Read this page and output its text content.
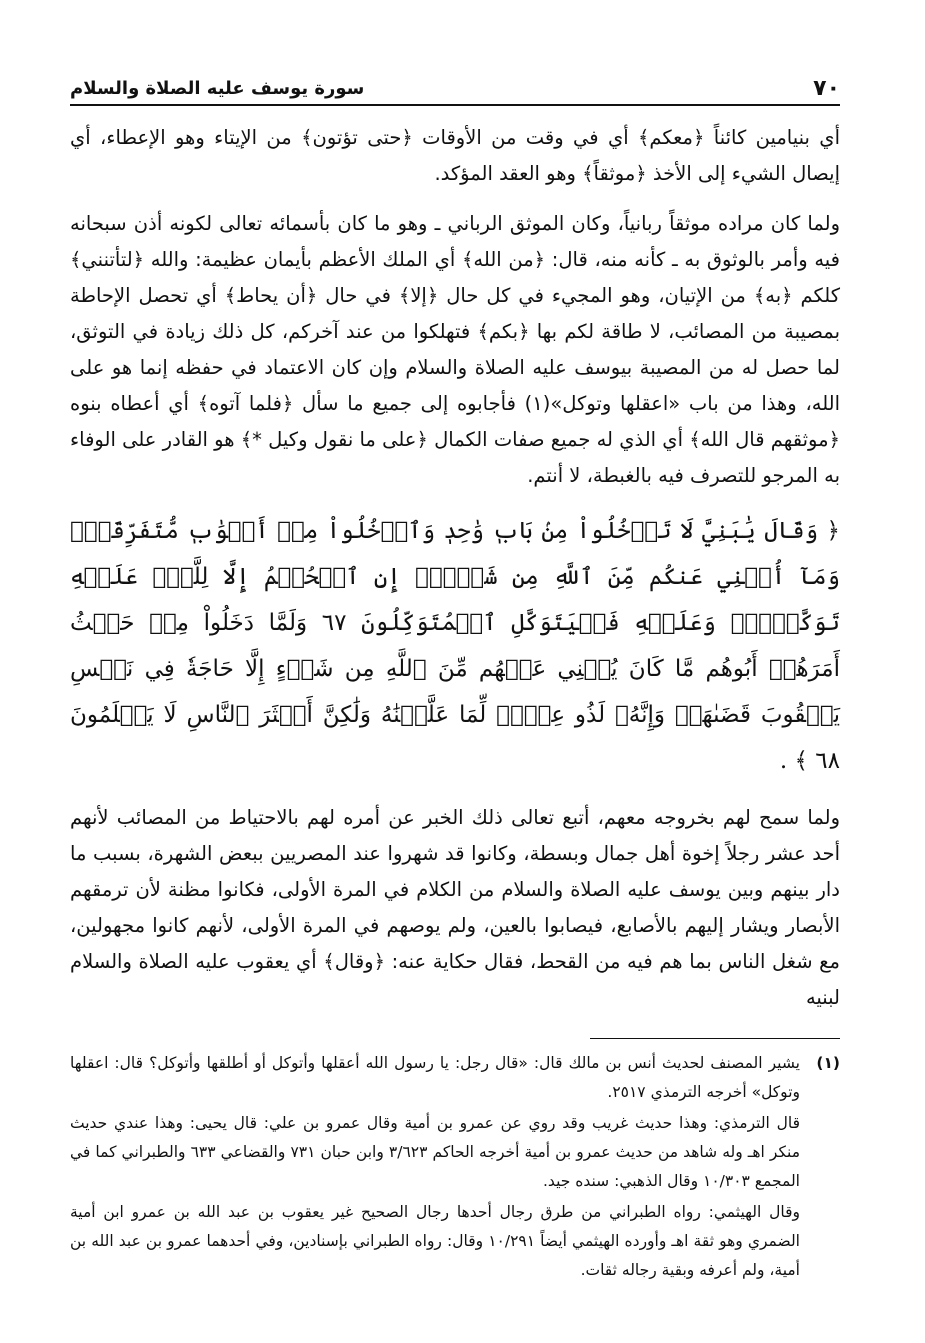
٧٠
سورة يوسف عليه الصلاة والسلام

أي بنيامين كائناً ﴿معكم﴾ أي في وقت من الأوقات ﴿حتى تؤتون﴾ من الإيتاء وهو الإعطاء، أي إيصال الشيء إلى الأخذ ﴿موثقاً﴾ وهو العقد المؤكد.

ولما كان مراده موثقاً ربانياً، وكان الموثق الرباني ـ وهو ما كان بأسمائه تعالى لكونه أذن سبحانه فيه وأمر بالوثوق به ـ كأنه منه، قال: ﴿من الله﴾ أي الملك الأعظم بأيمان عظيمة: والله ﴿لتأتنني﴾ كلكم ﴿به﴾ من الإتيان، وهو المجيء في كل حال ﴿إلا﴾ في حال ﴿أن يحاط﴾ أي تحصل الإحاطة بمصيبة من المصائب، لا طاقة لكم بها ﴿بكم﴾ فتهلكوا من عند آخركم، كل ذلك زيادة في التوثق، لما حصل له من المصيبة بيوسف عليه الصلاة والسلام وإن كان الاعتماد في حفظه إنما هو على الله، وهذا من باب «اعقلها وتوكل»(١) فأجابوه إلى جميع ما سأل ﴿فلما آتوه﴾ أي أعطاه بنوه ﴿موثقهم قال الله﴾ أي الذي له جميع صفات الكمال ﴿على ما نقول وكيل *﴾ هو القادر على الوفاء به المرجو للتصرف فيه بالغبطة، لا أنتم.

﴿ وَقَالَ يَٰبَنِيَّ لَا تَدۡخُلُواْ مِنۢ بَابٖ وَٰحِدٖ وَٱدۡخُلُواْ مِنۡ أَبۡوَٰبٖ مُّتَفَرِّقَةٖۖ وَمَآ أُغۡنِي عَنكُم مِّنَ ٱللَّهِ مِن شَيۡءٍۖ إِنِ ٱلۡحُكۡمُ إِلَّا لِلَّهِۖ عَلَيۡهِ تَوَكَّلۡتُۖ وَعَلَيۡهِ فَلۡيَتَوَكَّلِ ٱلۡمُتَوَكِّلُونَ ٦٧ وَلَمَّا دَخَلُواْ مِنۡ حَيۡثُ أَمَرَهُمۡ أَبُوهُم مَّا كَانَ يُغۡنِي عَنۡهُم مِّنَ ٱللَّهِ مِن شَيۡءٍ إِلَّا حَاجَةٗ فِي نَفۡسِ يَعۡقُوبَ قَضَىٰهَاۚ وَإِنَّهُۥ لَذُو عِلۡمٖ لِّمَا عَلَّمۡنَٰهُ وَلَٰكِنَّ أَكۡثَرَ ٱلنَّاسِ لَا يَعۡلَمُونَ ٦٨ ﴾ .

ولما سمح لهم بخروجه معهم، أتبع تعالى ذلك الخبر عن أمره لهم بالاحتياط من المصائب لأنهم أحد عشر رجلاً إخوة أهل جمال وبسطة، وكانوا قد شهروا عند المصريين ببعض الشهرة، بسبب ما دار بينهم وبين يوسف عليه الصلاة والسلام من الكلام في المرة الأولى، فكانوا مظنة لأن ترمقهم الأبصار ويشار إليهم بالأصابع، فيصابوا بالعين، ولم يوصهم في المرة الأولى، لأنهم كانوا مجهولين، مع شغل الناس بما هم فيه من القحط، فقال حكاية عنه: ﴿وقال﴾ أي يعقوب عليه الصلاة والسلام لبنيه

(١)

يشير المصنف لحديث أنس بن مالك قال: «قال رجل: يا رسول الله أعقلها وأتوكل أو أطلقها وأتوكل؟ قال: اعقلها وتوكل» أخرجه الترمذي ٢٥١٧.

قال الترمذي: وهذا حديث غريب وقد روي عن عمرو بن أمية وقال عمرو بن علي: قال يحيى: وهذا عندي حديث منكر اهـ وله شاهد من حديث عمرو بن أمية أخرجه الحاكم ٣/٦٢٣ وابن حبان ٧٣١ والقضاعي ٦٣٣ والطبراني كما في المجمع ١٠/٣٠٣ وقال الذهبي: سنده جيد.

وقال الهيثمي: رواه الطبراني من طرق رجال أحدها رجال الصحيح غير يعقوب بن عبد الله بن عمرو ابن أمية الضمري وهو ثقة اهـ وأورده الهيثمي أيضاً ١٠/٢٩١ وقال: رواه الطبراني بإسنادين، وفي أحدهما عمرو بن عبد الله بن أمية، ولم أعرفه وبقية رجاله ثقات.
